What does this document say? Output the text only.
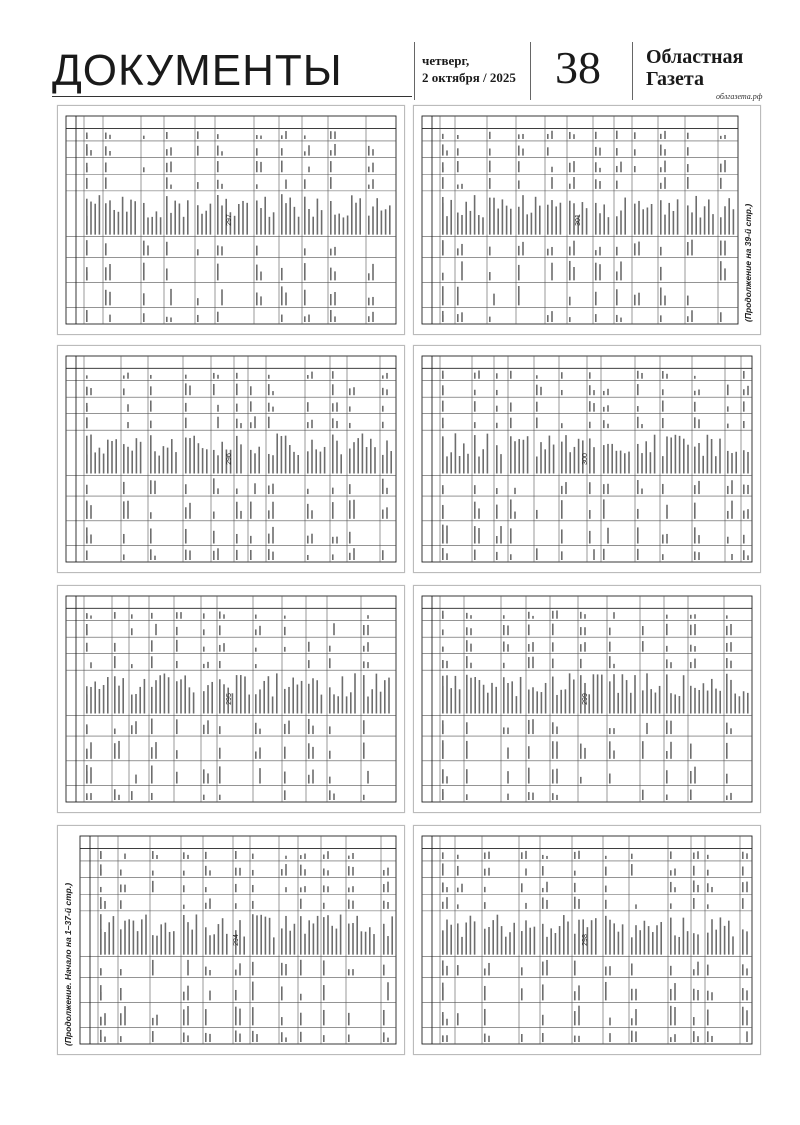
ДОКУМЕНТЫ	четверг,
2 октября / 2025 38	Областная
Газета
облгазета.рф
297	301	(Продолжение на 39-й стр.)
296	300
295	299
294
(Продолжение. Начало на 1–37-й стр.)	298
